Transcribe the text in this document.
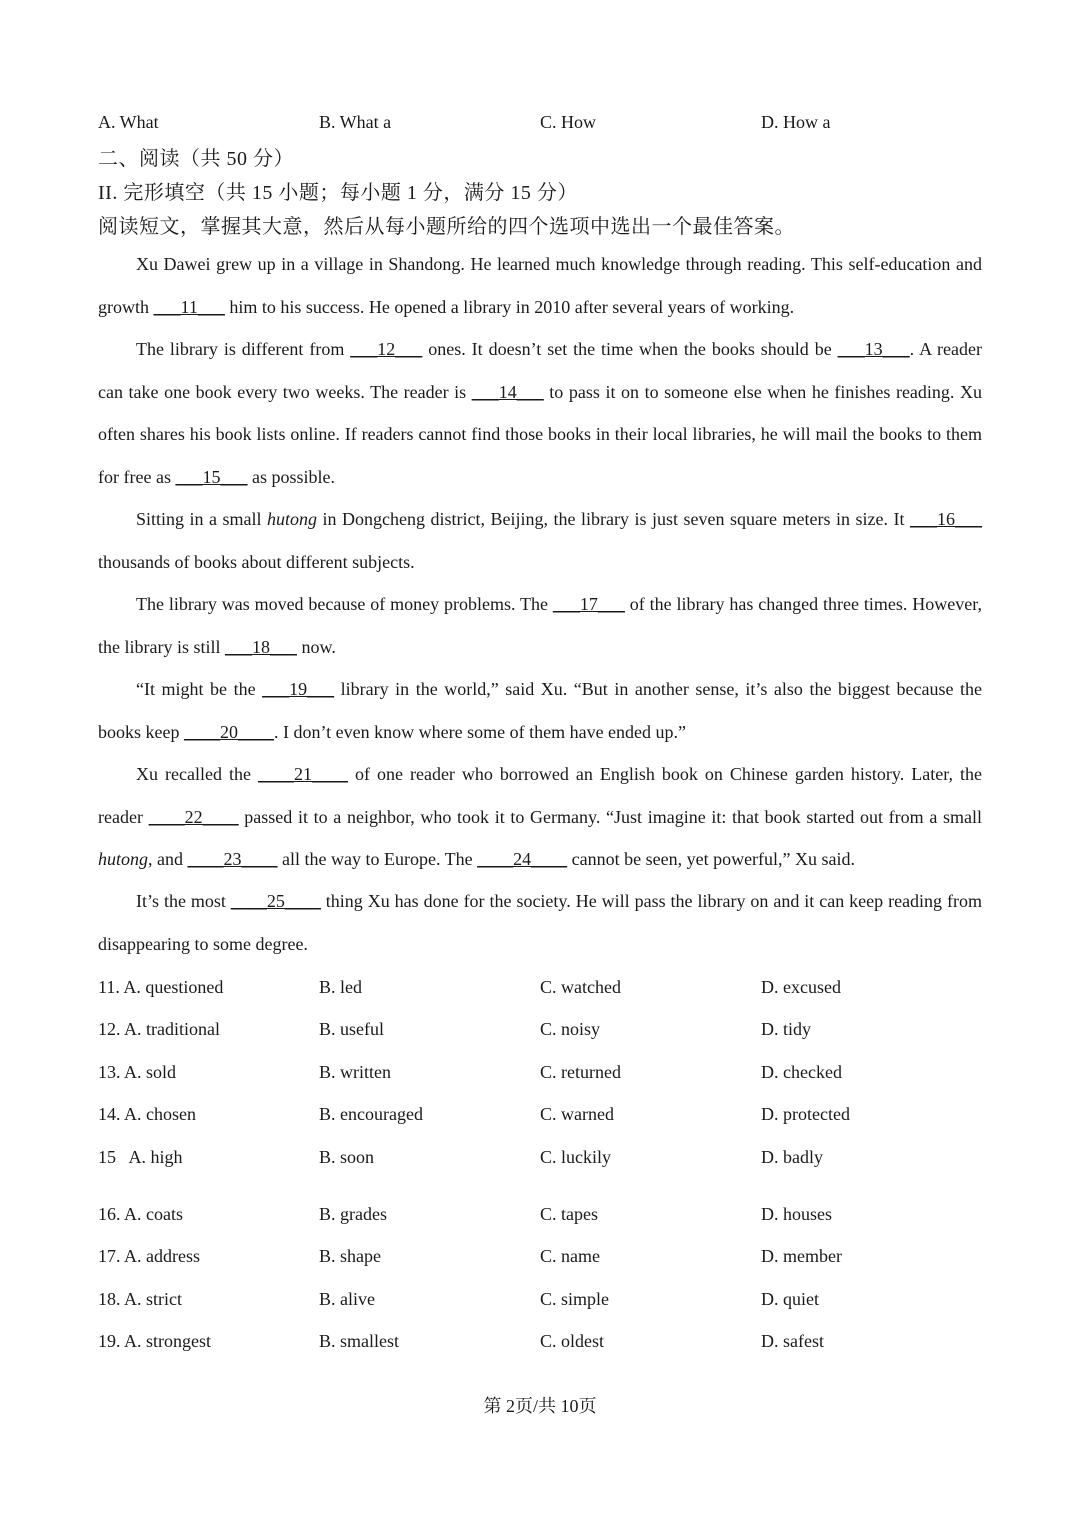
A. What	B. What a	C. How	D. How a
二、阅读（共 50 分）
II. 完形填空（共 15 小题；每小题 1 分，满分 15 分）
阅读短文，掌握其大意，然后从每小题所给的四个选项中选出一个最佳答案。
Xu Dawei grew up in a village in Shandong. He learned much knowledge through reading. This self-education and growth ___11___ him to his success. He opened a library in 2010 after several years of working.
The library is different from ___12___ ones. It doesn’t set the time when the books should be ___13___. A reader can take one book every two weeks. The reader is ___14___ to pass it on to someone else when he finishes reading. Xu often shares his book lists online. If readers cannot find those books in their local libraries, he will mail the books to them for free as ___15___ as possible.
Sitting in a small hutong in Dongcheng district, Beijing, the library is just seven square meters in size. It ___16___ thousands of books about different subjects.
The library was moved because of money problems. The ___17___ of the library has changed three times. However, the library is still ___18___ now.
“It might be the ___19___ library in the world,” said Xu. “But in another sense, it’s also the biggest because the books keep ____20____. I don’t even know where some of them have ended up.”
Xu recalled the ____21____ of one reader who borrowed an English book on Chinese garden history. Later, the reader ____22____ passed it to a neighbor, who took it to Germany. “Just imagine it: that book started out from a small hutong, and ____23____ all the way to Europe. The ____24____ cannot be seen, yet powerful,” Xu said.
It’s the most ____25____ thing Xu has done for the society. He will pass the library on and it can keep reading from disappearing to some degree.
11. A. questioned	B. led	C. watched	D. excused
12. A. traditional	B. useful	C. noisy	D. tidy
13. A. sold	B. written	C. returned	D. checked
14. A. chosen	B. encouraged	C. warned	D. protected
15   A. high	B. soon	C. luckily	D. badly
16. A. coats	B. grades	C. tapes	D. houses
17. A. address	B. shape	C. name	D. member
18. A. strict	B. alive	C. simple	D. quiet
19. A. strongest	B. smallest	C. oldest	D. safest
第 2页/共 10页
